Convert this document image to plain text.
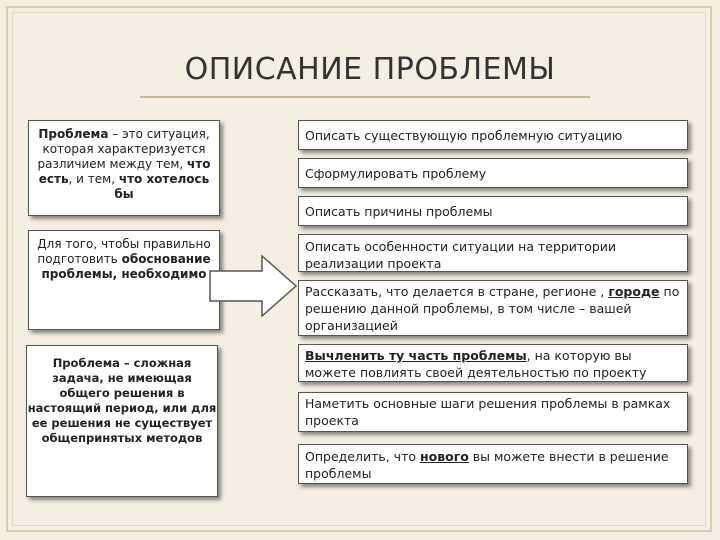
ОПИСАНИЕ ПРОБЛЕМЫ
Проблема – это ситуация, которая характеризуется различием между тем, что есть, и тем, что хотелось бы
Для того, чтобы правильно подготовить обоснование проблемы, необходимо
Проблема – сложная задача, не имеющая общего решения в настоящий период, или для ее решения не существует общепринятых методов
Описать существующую проблемную ситуацию
Сформулировать проблему
Описать причины проблемы
Описать особенности ситуации на территории реализации проекта
Рассказать, что делается в стране, регионе , городе по решению данной проблемы, в том числе – вашей организацией
Вычленить ту часть проблемы, на которую вы можете повлиять своей деятельностью по проекту
Наметить основные шаги решения проблемы в рамках проекта
Определить, что нового вы можете внести в решение проблемы
